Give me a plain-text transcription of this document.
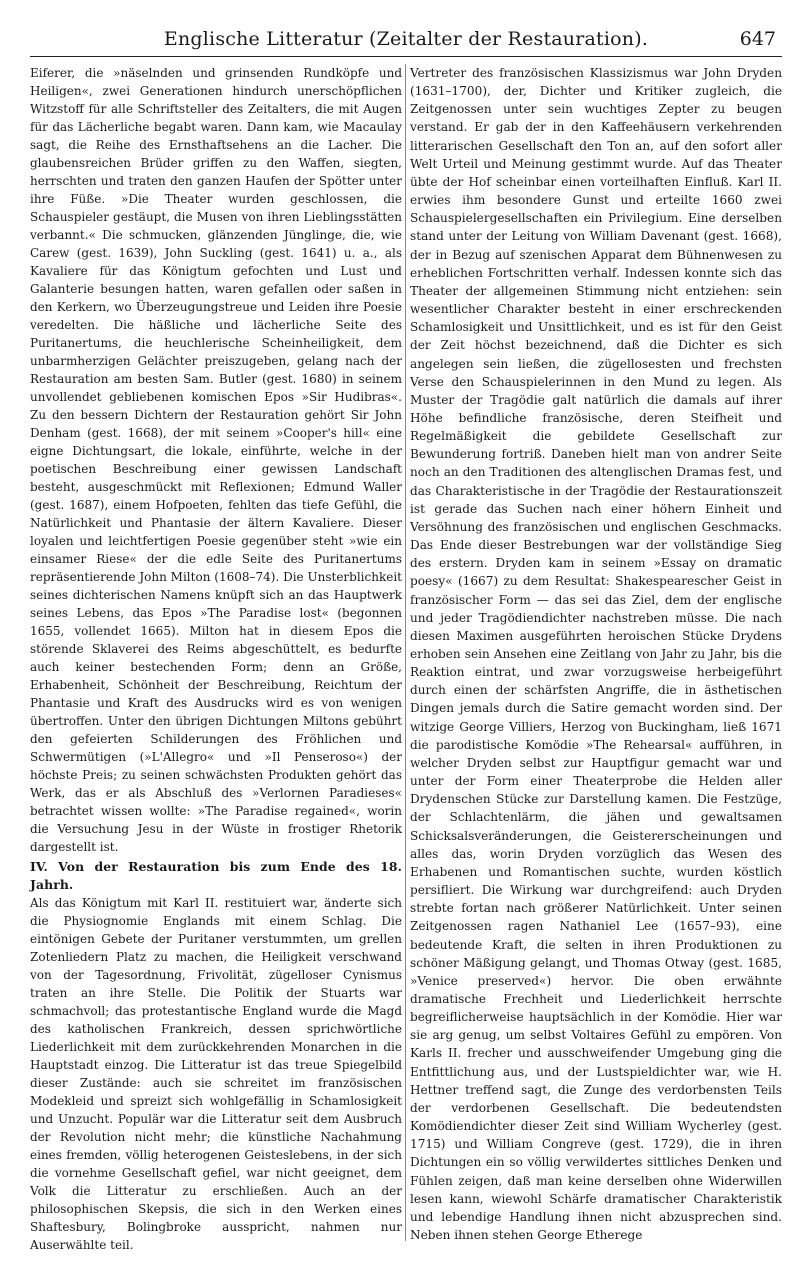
Englische Litteratur (Zeitalter der Restauration).	647

Eiferer, die »näselnden und grinsenden Rundköpfe und Heiligen«, zwei Generationen hindurch unerschöpflichen Witzstoff für alle Schriftsteller des Zeitalters, die mit Augen für das Lächerliche begabt waren. Dann kam, wie Macaulay sagt, die Reihe des Ernsthaftsehens an die Lacher. Die glaubensreichen Brüder griffen zu den Waffen, siegten, herrschten und traten den ganzen Haufen der Spötter unter ihre Füße. »Die Theater wurden geschlossen, die Schauspieler gestäupt, die Musen von ihren Lieblingsstätten verbannt.« Die schmucken, glänzenden Jünglinge, die, wie Carew (gest. 1639), John Suckling (gest. 1641) u. a., als Kavaliere für das Königtum gefochten und Lust und Galanterie besungen hatten, waren gefallen oder saßen in den Kerkern, wo Überzeugungstreue und Leiden ihre Poesie veredelten. Die häßliche und lächerliche Seite des Puritanertums, die heuchlerische Scheinheiligkeit, dem unbarmherzigen Gelächter preiszugeben, gelang nach der Restauration am besten Sam. Butler (gest. 1680) in seinem unvollendet gebliebenen komischen Epos »Sir Hudibras«. Zu den bessern Dichtern der Restauration gehört Sir John Denham (gest. 1668), der mit seinem »Cooper's hill« eine eigne Dichtungsart, die lokale, einführte, welche in der poetischen Beschreibung einer gewissen Landschaft besteht, ausgeschmückt mit Reflexionen; Edmund Waller (gest. 1687), einem Hofpoeten, fehlten das tiefe Gefühl, die Natürlichkeit und Phantasie der ältern Kavaliere. Dieser loyalen und leichtfertigen Poesie gegenüber steht »wie ein einsamer Riese« der die edle Seite des Puritanertums repräsentierende John Milton (1608–74). Die Unsterblichkeit seines dichterischen Namens knüpft sich an das Hauptwerk seines Lebens, das Epos »The Paradise lost« (begonnen 1655, vollendet 1665). Milton hat in diesem Epos die störende Sklaverei des Reims abgeschüttelt, es bedurfte auch keiner bestechenden Form; denn an Größe, Erhabenheit, Schönheit der Beschreibung, Reichtum der Phantasie und Kraft des Ausdrucks wird es von wenigen übertroffen. Unter den übrigen Dichtungen Miltons gebührt den gefeierten Schilderungen des Fröhlichen und Schwermütigen (»L'Allegro« und »Il Penseroso«) der höchste Preis; zu seinen schwächsten Produkten gehört das Werk, das er als Abschluß des »Verlornen Paradieses« betrachtet wissen wollte: »The Paradise regained«, worin die Versuchung Jesu in der Wüste in frostiger Rhetorik dargestellt ist.

IV. Von der Restauration bis zum Ende des 18. Jahrh.

Als das Königtum mit Karl II. restituiert war, änderte sich die Physiognomie Englands mit einem Schlag. Die eintönigen Gebete der Puritaner verstummten, um grellen Zotenliedern Platz zu machen, die Heiligkeit verschwand von der Tagesordnung, Frivolität, zügelloser Cynismus traten an ihre Stelle. Die Politik der Stuarts war schmachvoll; das protestantische England wurde die Magd des katholischen Frankreich, dessen sprichwörtliche Liederlichkeit mit dem zurückkehrenden Monarchen in die Hauptstadt einzog. Die Litteratur ist das treue Spiegelbild dieser Zustände: auch sie schreitet im französischen Modekleid und spreizt sich wohlgefällig in Schamlosigkeit und Unzucht. Populär war die Litteratur seit dem Ausbruch der Revolution nicht mehr; die künstliche Nachahmung eines fremden, völlig heterogenen Geisteslebens, in der sich die vornehme Gesellschaft gefiel, war nicht geeignet, dem Volk die Litteratur zu erschließen. Auch an der philosophischen Skepsis, die sich in den Werken eines Shaftesbury, Bolingbroke ausspricht, nahmen nur Auserwählte teil.

Vertreter des französischen Klassizismus war John Dryden (1631–1700), der, Dichter und Kritiker zugleich, die Zeitgenossen unter sein wuchtiges Zepter zu beugen verstand. Er gab der in den Kaffeehäusern verkehrenden litterarischen Gesellschaft den Ton an, auf den sofort aller Welt Urteil und Meinung gestimmt wurde. Auf das Theater übte der Hof scheinbar einen vorteilhaften Einfluß. Karl II. erwies ihm besondere Gunst und erteilte 1660 zwei Schauspielergesellschaften ein Privilegium. Eine derselben stand unter der Leitung von William Davenant (gest. 1668), der in Bezug auf szenischen Apparat dem Bühnenwesen zu erheblichen Fortschritten verhalf. Indessen konnte sich das Theater der allgemeinen Stimmung nicht entziehen: sein wesentlicher Charakter besteht in einer erschreckenden Schamlosigkeit und Unsittlichkeit, und es ist für den Geist der Zeit höchst bezeichnend, daß die Dichter es sich angelegen sein ließen, die zügellosesten und frechsten Verse den Schauspielerinnen in den Mund zu legen. Als Muster der Tragödie galt natürlich die damals auf ihrer Höhe befindliche französische, deren Steifheit und Regelmäßigkeit die gebildete Gesellschaft zur Bewunderung fortriß. Daneben hielt man von andrer Seite noch an den Traditionen des altenglischen Dramas fest, und das Charakteristische in der Tragödie der Restaurationszeit ist gerade das Suchen nach einer höhern Einheit und Versöhnung des französischen und englischen Geschmacks. Das Ende dieser Bestrebungen war der vollständige Sieg des erstern. Dryden kam in seinem »Essay on dramatic poesy« (1667) zu dem Resultat: Shakespearescher Geist in französischer Form — das sei das Ziel, dem der englische und jeder Tragödiendichter nachstreben müsse. Die nach diesen Maximen ausgeführten heroischen Stücke Drydens erhoben sein Ansehen eine Zeitlang von Jahr zu Jahr, bis die Reaktion eintrat, und zwar vorzugsweise herbeigeführt durch einen der schärfsten Angriffe, die in ästhetischen Dingen jemals durch die Satire gemacht worden sind. Der witzige George Villiers, Herzog von Buckingham, ließ 1671 die parodistische Komödie »The Rehearsal« aufführen, in welcher Dryden selbst zur Hauptfigur gemacht war und unter der Form einer Theaterprobe die Helden aller Drydenschen Stücke zur Darstellung kamen. Die Festzüge, der Schlachtenlärm, die jähen und gewaltsamen Schicksalsveränderungen, die Geistererscheinungen und alles das, worin Dryden vorzüglich das Wesen des Erhabenen und Romantischen suchte, wurden köstlich persifliert. Die Wirkung war durchgreifend: auch Dryden strebte fortan nach größerer Natürlichkeit. Unter seinen Zeitgenossen ragen Nathaniel Lee (1657–93), eine bedeutende Kraft, die selten in ihren Produktionen zu schöner Mäßigung gelangt, und Thomas Otway (gest. 1685, »Venice preserved«) hervor. Die oben erwähnte dramatische Frechheit und Liederlichkeit herrschte begreiflicherweise hauptsächlich in der Komödie. Hier war sie arg genug, um selbst Voltaires Gefühl zu empören. Von Karls II. frecher und ausschweifender Umgebung ging die Entfittlichung aus, und der Lustspieldichter war, wie H. Hettner treffend sagt, die Zunge des verdorbensten Teils der verdorbenen Gesellschaft. Die bedeutendsten Komödiendichter dieser Zeit sind William Wycherley (gest. 1715) und William Congreve (gest. 1729), die in ihren Dichtungen ein so völlig verwildertes sittliches Denken und Fühlen zeigen, daß man keine derselben ohne Widerwillen lesen kann, wiewohl Schärfe dramatischer Charakteristik und lebendige Handlung ihnen nicht abzusprechen sind. Neben ihnen stehen George Etherege
